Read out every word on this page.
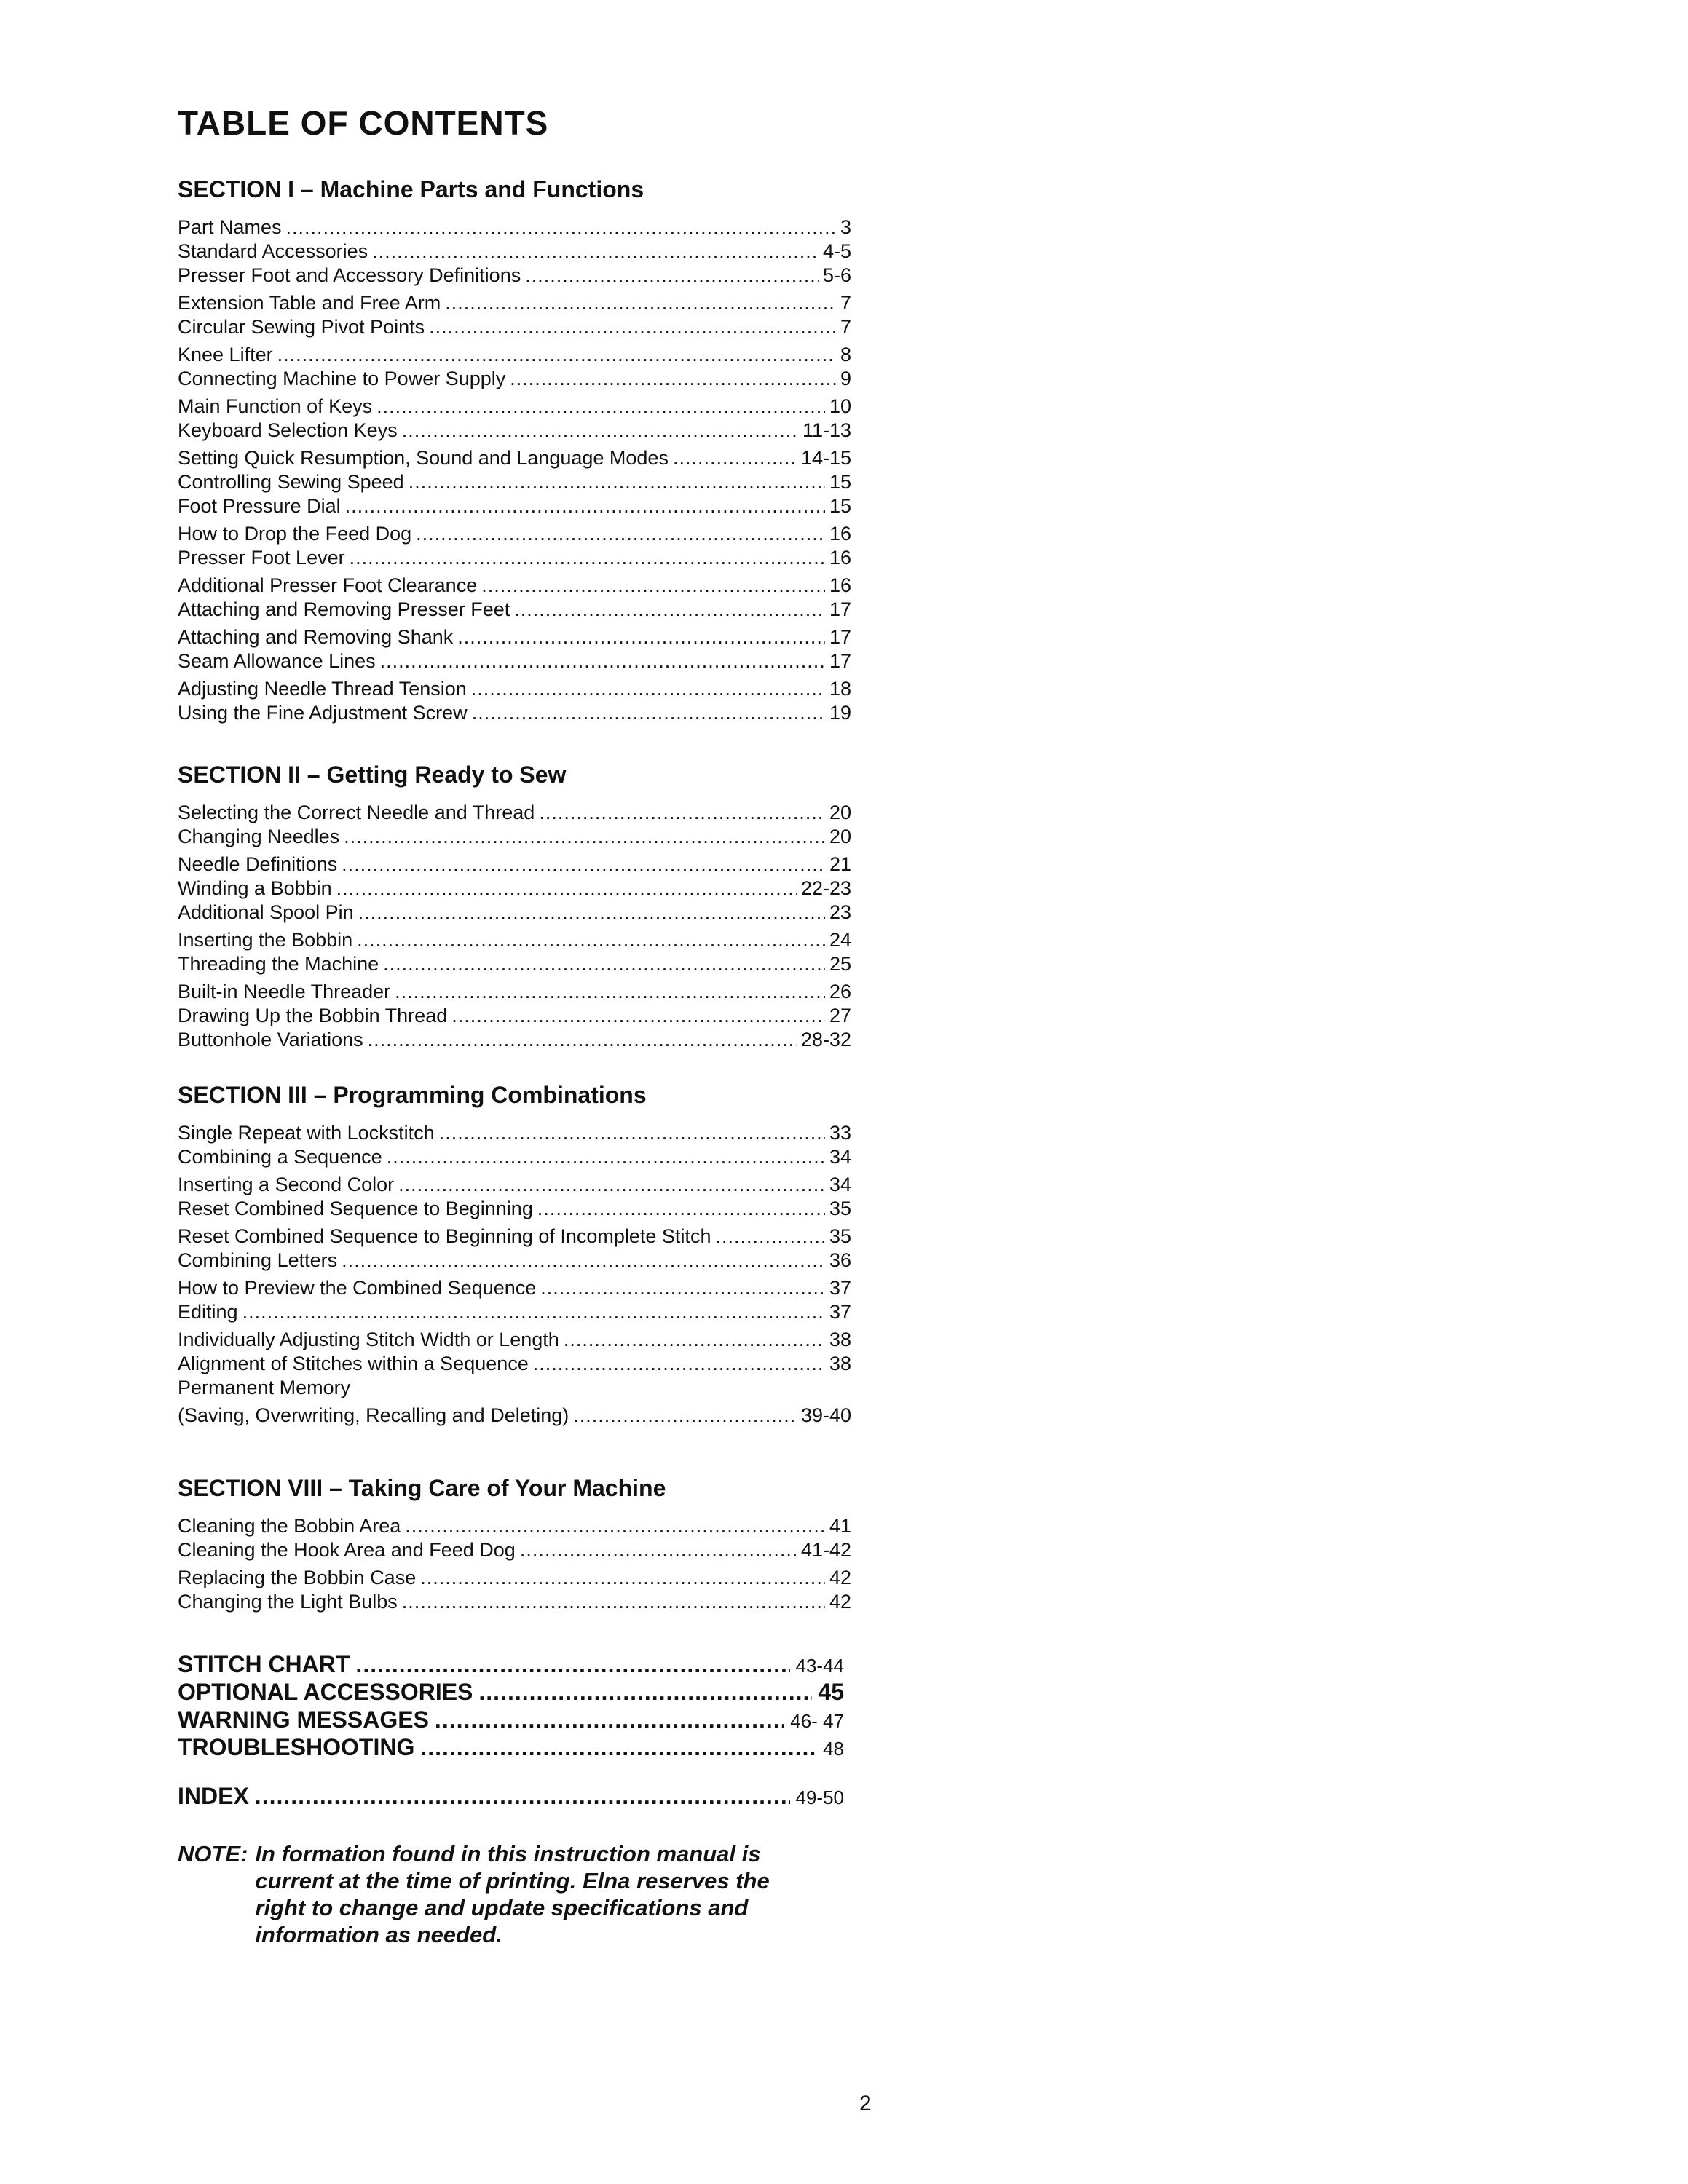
TABLE OF CONTENTS
SECTION I – Machine Parts and Functions
Part Names .....	3
Standard Accessories .....	4-5
Presser Foot and Accessory Definitions .....	5-6
Extension Table and Free Arm .....	7
Circular Sewing Pivot Points .....	7
Knee Lifter .....	8
Connecting Machine to Power Supply .....	9
Main Function of Keys .....	10
Keyboard Selection Keys .....	11-13
Setting Quick Resumption, Sound and Language Modes .....	14-15
Controlling Sewing Speed .....	15
Foot Pressure Dial .....	15
How to Drop the Feed Dog .....	16
Presser Foot Lever .....	16
Additional Presser Foot Clearance .....	16
Attaching and Removing Presser Feet .....	17
Attaching and Removing Shank .....	17
Seam Allowance Lines .....	17
Adjusting Needle Thread Tension .....	18
Using the Fine Adjustment Screw .....	19
SECTION II – Getting Ready to Sew
Selecting the Correct Needle and Thread .....	20
Changing Needles .....	20
Needle Definitions .....	21
Winding a Bobbin .....	22-23
Additional Spool Pin .....	23
Inserting the Bobbin .....	24
Threading the Machine .....	25
Built-in Needle Threader .....	26
Drawing Up the Bobbin Thread .....	27
Buttonhole Variations .....	28-32
SECTION III – Programming Combinations
Single Repeat with Lockstitch .....	33
Combining a Sequence .....	34
Inserting a Second Color .....	34
Reset Combined Sequence to Beginning .....	35
Reset Combined Sequence to Beginning of Incomplete Stitch .....	35
Combining Letters .....	36
How to Preview the Combined Sequence .....	37
Editing .....	37
Individually Adjusting Stitch Width or Length .....	38
Alignment of Stitches within a Sequence .....	38
Permanent Memory
(Saving, Overwriting, Recalling and Deleting) .....	39-40
SECTION VIII – Taking Care of Your Machine
Cleaning the Bobbin Area .....	41
Cleaning the Hook Area and Feed Dog .....	41-42
Replacing the Bobbin Case .....	42
Changing the Light Bulbs .....	42
STITCH CHART .....	43-44
OPTIONAL ACCESSORIES .....	45
WARNING MESSAGES .....	46- 47
TROUBLESHOOTING .....	48
INDEX .....	49-50
NOTE: In formation found in this instruction manual is current at the time of printing. Elna reserves the right to change and update specifications and information as needed.
2
